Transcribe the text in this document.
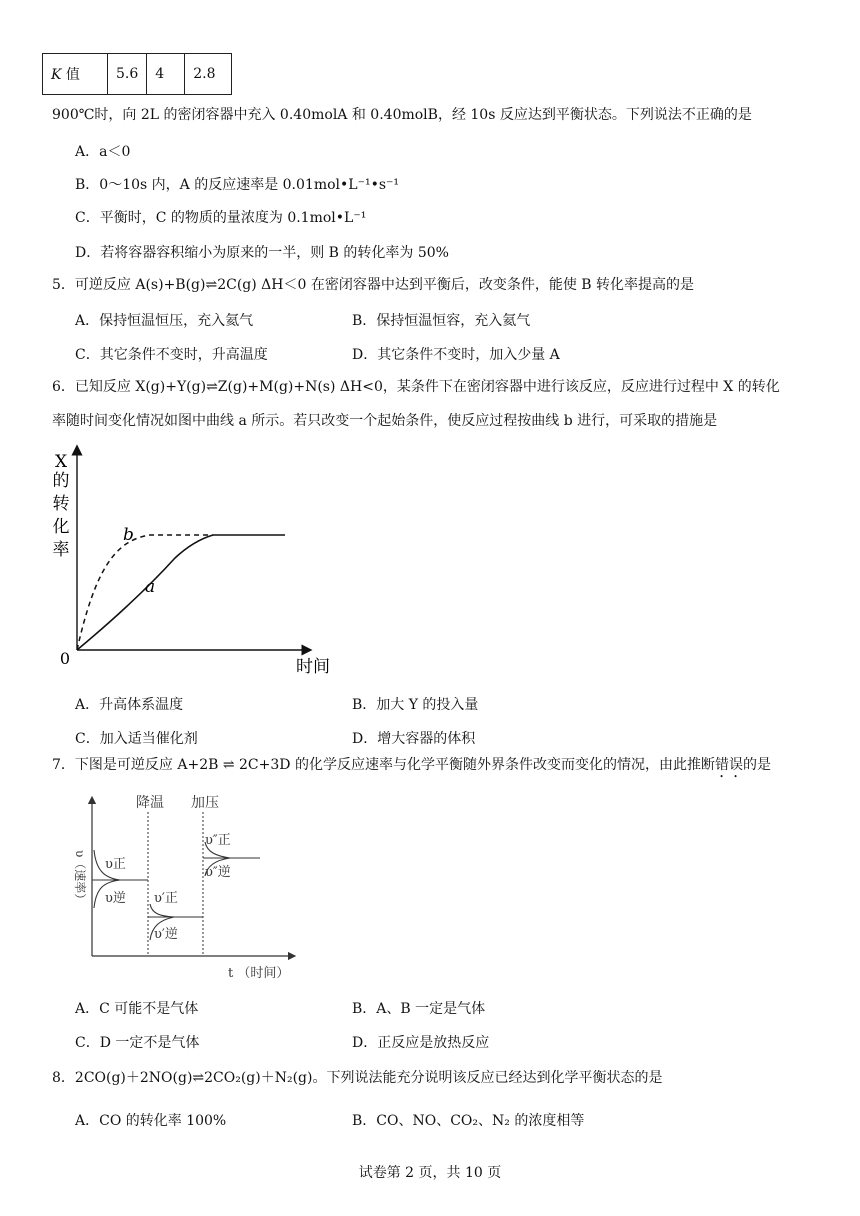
K 值	5.6	4	2.8
900℃时，向 2L 的密闭容器中充入 0.40molA 和 0.40molB，经 10s 反应达到平衡状态。下列说法不正确的是
A．a＜0
B．0～10s 内，A 的反应速率是 0.01mol•L⁻¹•s⁻¹
C．平衡时，C 的物质的量浓度为 0.1mol•L⁻¹
D．若将容器容积缩小为原来的一半，则 B 的转化率为 50%
5．可逆反应 A(s)+B(g)⇌2C(g) ΔH＜0 在密闭容器中达到平衡后，改变条件，能使 B 转化率提高的是
A．保持恒温恒压，充入氦气	B．保持恒温恒容，充入氦气
C．其它条件不变时，升高温度	D．其它条件不变时，加入少量 A
6．已知反应 X(g)+Y(g)⇌Z(g)+M(g)+N(s) ΔH<0，某条件下在密闭容器中进行该反应，反应进行过程中 X 的转化
率随时间变化情况如图中曲线 a 所示。若只改变一个起始条件，使反应过程按曲线 b 进行，可采取的措施是
X
的
转
化
率
0	时间
b
a
A．升高体系温度	B．加大 Y 的投入量
C．加入适当催化剂	D．增大容器的体积
7．下图是可逆反应 A+2B ⇌ 2C+3D 的化学反应速率与化学平衡随外界条件改变而变化的情况，由此推断错误的是
υ（速率）
t （时间）
降温 加压
υ正
υ逆 υ′正
υ′逆
υ″正
υ″逆
A．C 可能不是气体	B．A、B 一定是气体
C．D 一定不是气体	D．正反应是放热反应
8．2CO(g)＋2NO(g)⇌2CO₂(g)＋N₂(g)。下列说法能充分说明该反应已经达到化学平衡状态的是
A．CO 的转化率 100%	B．CO、NO、CO₂、N₂ 的浓度相等
试卷第 2 页，共 10 页
